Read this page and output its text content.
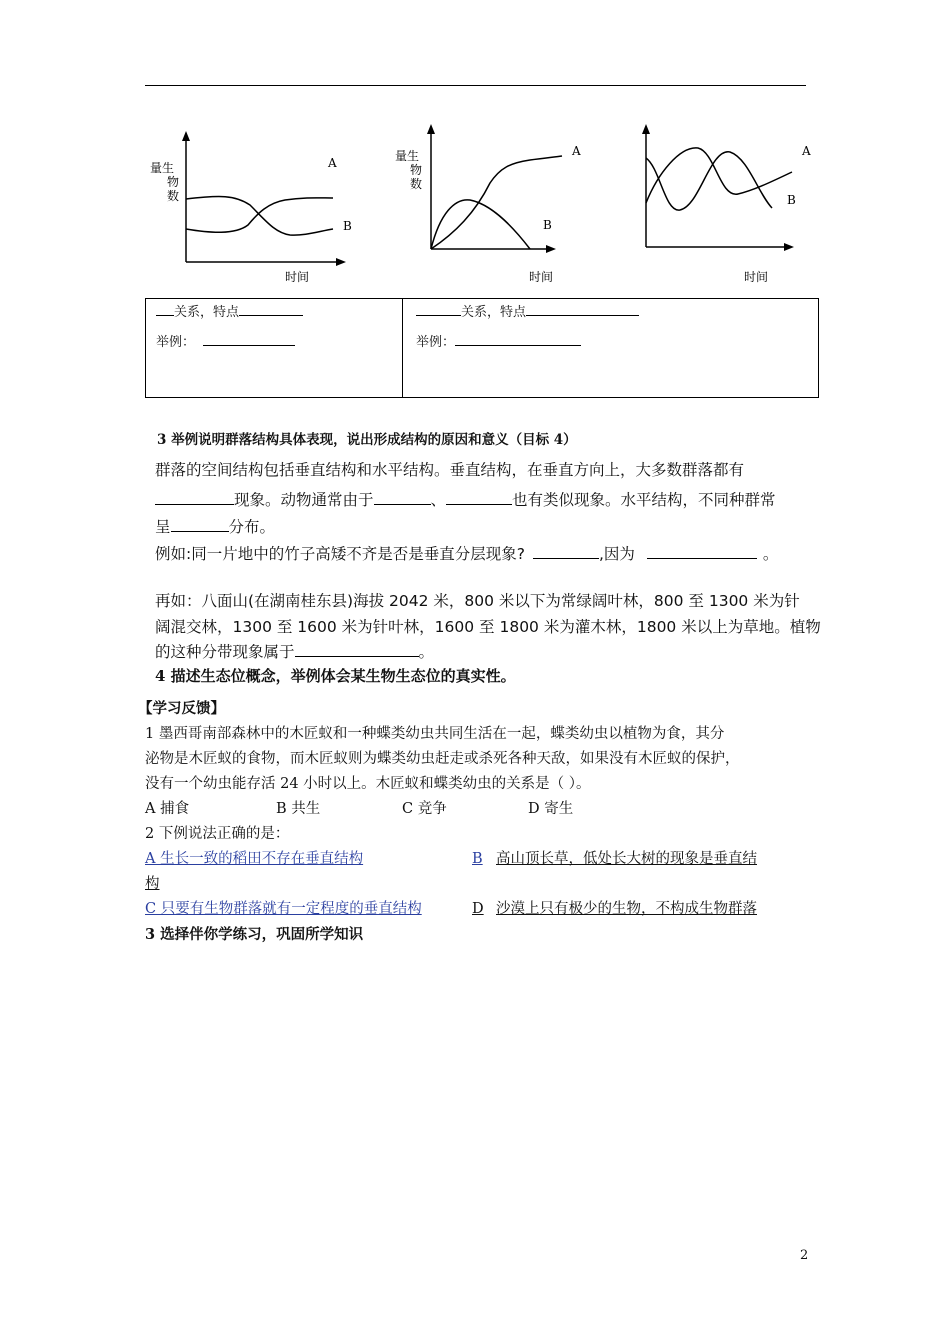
量生
物
数
A
B
时间
量生
物
数
A
B
时间
A
B
时间
关系，特点
举例：
关系，特点
举例：
3 举例说明群落结构具体表现，说出形成结构的原因和意义（目标 4）
群落的空间结构包括垂直结构和水平结构。垂直结构，在垂直方向上，大多数群落都有
现象。动物通常由于	、	也有类似现象。水平结构，不同种群常
呈	分布。
例如:同一片地中的竹子高矮不齐是否是垂直分层现象?	,因为	。
再如：八面山(在湖南桂东县)海拔 2042 米，800 米以下为常绿阔叶林，800 至 1300 米为针
阔混交林，1300 至 1600 米为针叶林，1600 至 1800 米为灌木林，1800 米以上为草地。植物
的这种分带现象属于	。
4 描述生态位概念，举例体会某生物生态位的真实性。
【学习反馈】
1 墨西哥南部森林中的木匠蚁和一种蝶类幼虫共同生活在一起，蝶类幼虫以植物为食，其分
泌物是木匠蚁的食物，而木匠蚁则为蝶类幼虫赶走或杀死各种天敌，如果没有木匠蚁的保护，
没有一个幼虫能存活 24 小时以上。木匠蚁和蝶类幼虫的关系是（ ）。
A 捕食	B 共生	C 竞争	D 寄生
2 下例说法正确的是：
A 生长一致的稻田不存在垂直结构	B 高山顶长草，低处长大树的现象是垂直结
构
C 只要有生物群落就有一定程度的垂直结构	D 沙漠上只有极少的生物，不构成生物群落
3 选择伴你学练习，巩固所学知识
2
